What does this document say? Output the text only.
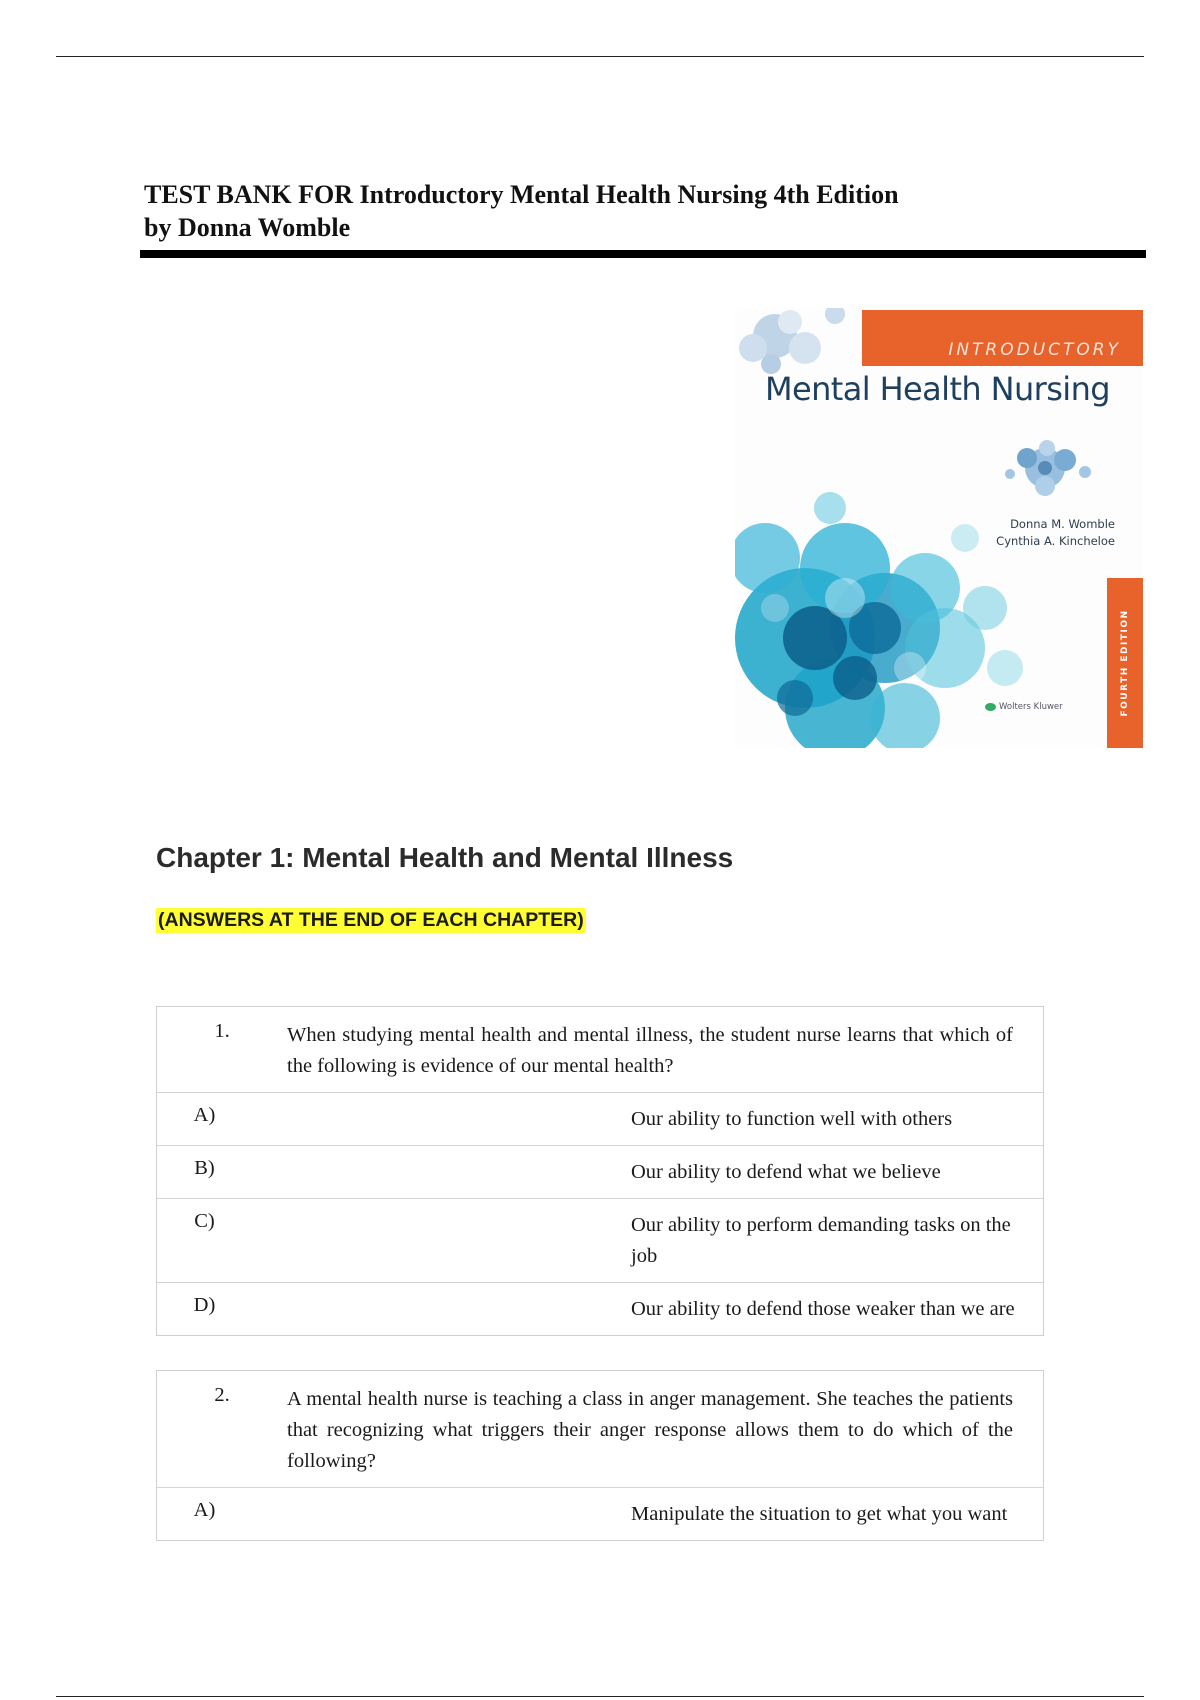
TEST BANK FOR Introductory Mental Health Nursing 4th Edition
by Donna Womble
INTRODUCTORY
Mental Health Nursing
Donna M. Womble
Cynthia A. Kincheloe
FOURTH EDITION
Wolters Kluwer
Chapter 1: Mental Health and Mental Illness
(ANSWERS AT THE END OF EACH CHAPTER)
1.	When studying mental health and mental illness, the student nurse learns that which of the following is evidence of our mental health?
A)	Our ability to function well with others
B)	Our ability to defend what we believe
C)	Our ability to perform demanding tasks on the job
D)	Our ability to defend those weaker than we are
2.	A mental health nurse is teaching a class in anger management. She teaches the patients that recognizing what triggers their anger response allows them to do which of the following?
A)	Manipulate the situation to get what you want
